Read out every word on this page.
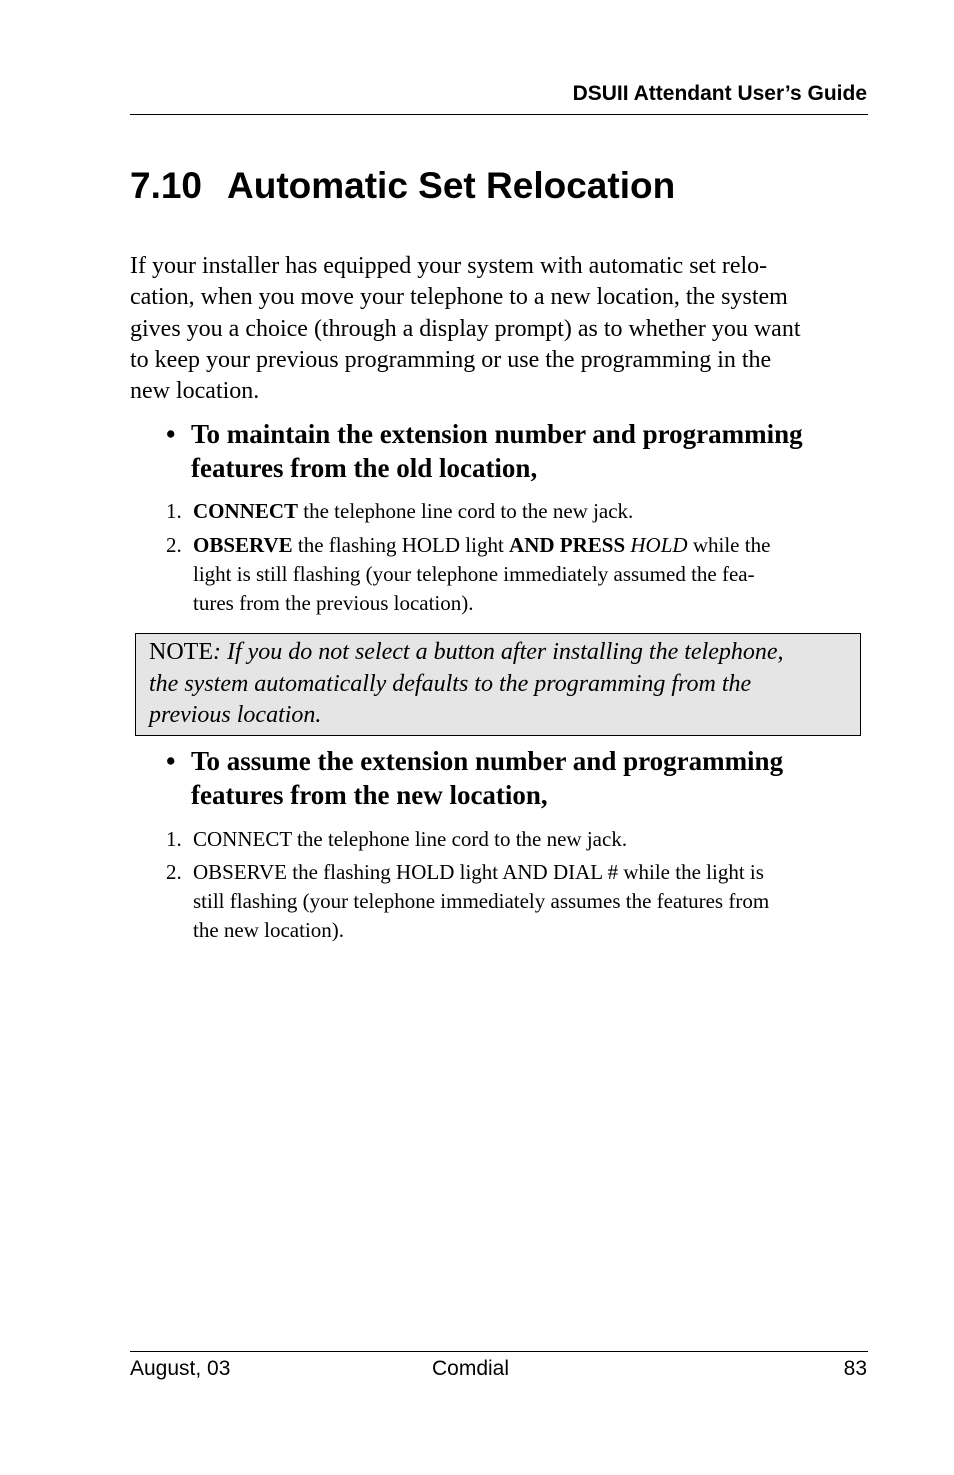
DSUII Attendant User’s Guide
7.10 Automatic Set Relocation

If your installer has equipped your system with automatic set relo-
cation, when you move your telephone to a new location, the system
gives you a choice (through a display prompt) as to whether you want
to keep your previous programming or use the programming in the
new location.

• To maintain the extension number and programming
features from the old location,
1. CONNECT the telephone line cord to the new jack.
2. OBSERVE the flashing HOLD light AND PRESS HOLD while the
light is still flashing (your telephone immediately assumed the fea-
tures from the previous location).
NOTE: If you do not select a button after installing the telephone,
the system automatically defaults to the programming from the
previous location.
• To assume the extension number and programming
features from the new location,
1. CONNECT the telephone line cord to the new jack.
2. OBSERVE the flashing HOLD light AND DIAL # while the light is
still flashing (your telephone immediately assumes the features from
the new location).
August, 03	Comdial	83
